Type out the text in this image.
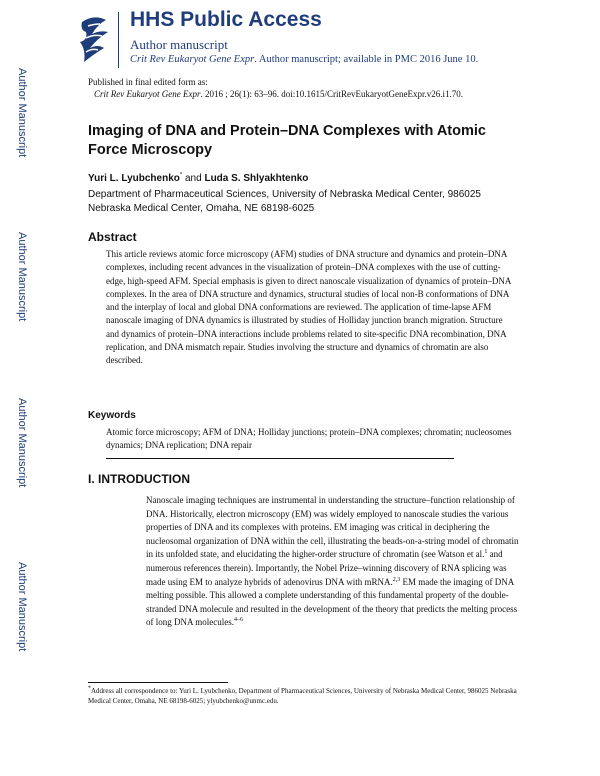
Author Manuscript
Author Manuscript
Author Manuscript
Author Manuscript
HHS Public Access
Author manuscript
Crit Rev Eukaryot Gene Expr. Author manuscript; available in PMC 2016 June 10.
Published in final edited form as:
Crit Rev Eukaryot Gene Expr. 2016 ; 26(1): 63–96. doi:10.1615/CritRevEukaryotGeneExpr.v26.i1.70.
Imaging of DNA and Protein–DNA Complexes with Atomic Force Microscopy
Yuri L. Lyubchenko* and Luda S. Shlyakhtenko
Department of Pharmaceutical Sciences, University of Nebraska Medical Center, 986025
Nebraska Medical Center, Omaha, NE 68198-6025
Abstract
This article reviews atomic force microscopy (AFM) studies of DNA structure and dynamics and protein–DNA complexes, including recent advances in the visualization of protein–DNA complexes with the use of cutting-edge, high-speed AFM. Special emphasis is given to direct nanoscale visualization of dynamics of protein–DNA complexes. In the area of DNA structure and dynamics, structural studies of local non-B conformations of DNA and the interplay of local and global DNA conformations are reviewed. The application of time-lapse AFM nanoscale imaging of DNA dynamics is illustrated by studies of Holliday junction branch migration. Structure and dynamics of protein–DNA interactions include problems related to site-specific DNA recombination, DNA replication, and DNA mismatch repair. Studies involving the structure and dynamics of chromatin are also described.
Keywords
Atomic force microscopy; AFM of DNA; Holliday junctions; protein–DNA complexes; chromatin; nucleosomes dynamics; DNA replication; DNA repair
I. INTRODUCTION
Nanoscale imaging techniques are instrumental in understanding the structure–function relationship of DNA. Historically, electron microscopy (EM) was widely employed to nanoscale studies the various properties of DNA and its complexes with proteins. EM imaging was critical in deciphering the nucleosomal organization of DNA within the cell, illustrating the beads-on-a-string model of chromatin in its unfolded state, and elucidating the higher-order structure of chromatin (see Watson et al.$^1$ and numerous references therein). Importantly, the Nobel Prize–winning discovery of RNA splicing was made using EM to analyze hybrids of adenovirus DNA with mRNA.$^{2,3}$ EM made the imaging of DNA melting possible. This allowed a complete understanding of this fundamental property of the double-stranded DNA molecule and resulted in the development of the theory that predicts the melting process of long DNA molecules.$^{4-6}$
*Address all correspondence to: Yuri L. Lyubchenko, Department of Pharmaceutical Sciences, University of Nebraska Medical Center, 986025 Nebraska Medical Center, Omaha, NE 68198-6025; ylyubchenko@unmc.edu.
